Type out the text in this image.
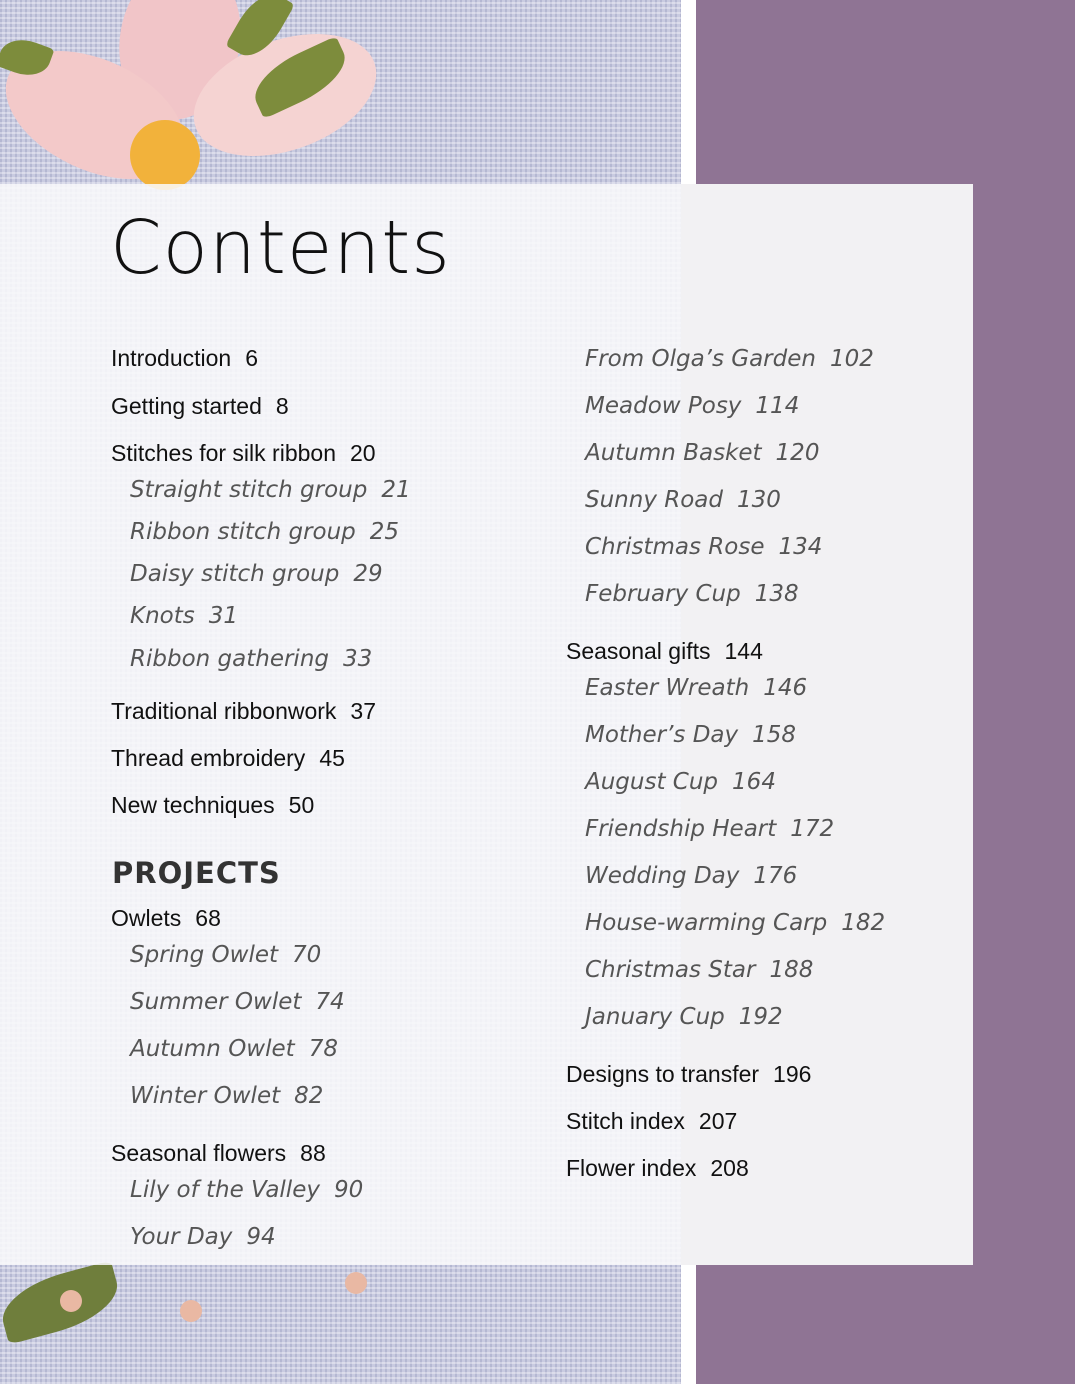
Contents
PROJECTS
Introduction 6
Getting started 8
Stitches for silk ribbon 20
Straight stitch group 21
Ribbon stitch group 25
Daisy stitch group 29
Knots 31
Ribbon gathering 33
Traditional ribbonwork 37
Thread embroidery 45
New techniques 50
Owlets 68
Spring Owlet 70
Summer Owlet 74
Autumn Owlet 78
Winter Owlet 82
Seasonal flowers 88
Lily of the Valley 90
Your Day 94
From Olga’s Garden 102
Meadow Posy 114
Autumn Basket 120
Sunny Road 130
Christmas Rose 134
February Cup 138
Seasonal gifts 144
Easter Wreath 146
Mother’s Day 158
August Cup 164
Friendship Heart 172
Wedding Day 176
House-warming Carp 182
Christmas Star 188
January Cup 192
Designs to transfer 196
Stitch index 207
Flower index 208
